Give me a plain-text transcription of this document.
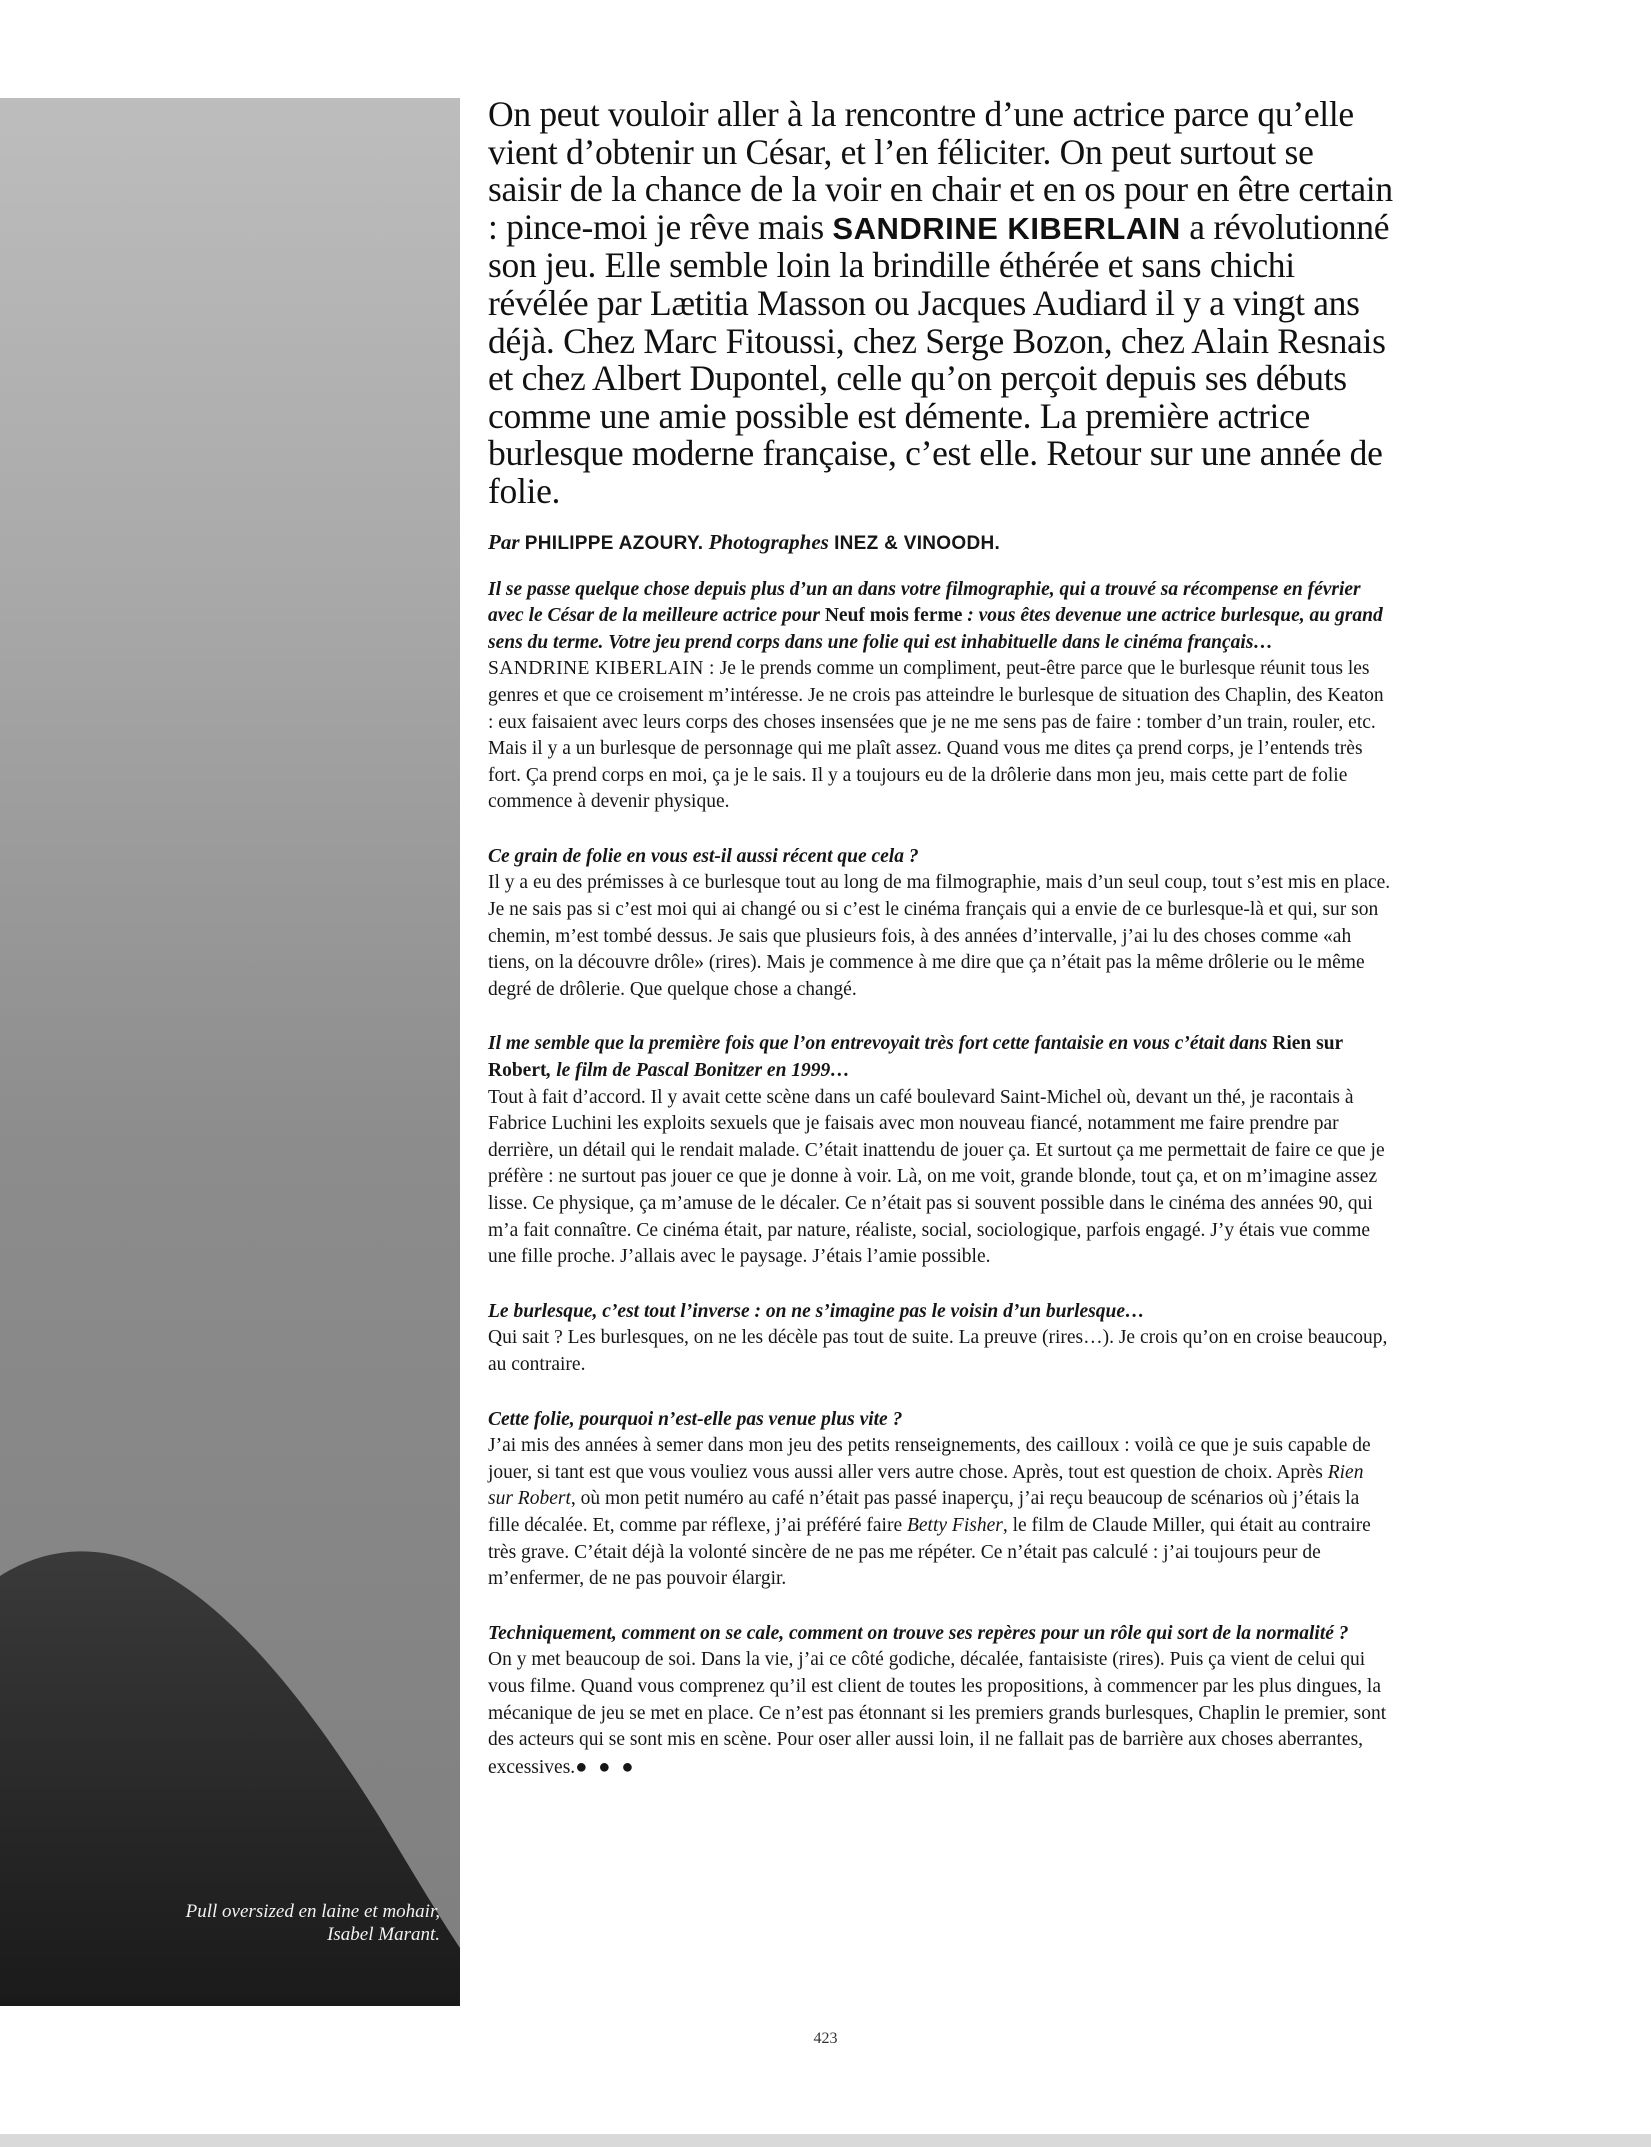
Pull oversized en laine et mohair, Isabel Marant.

On peut vouloir aller à la rencontre d’une actrice parce qu’elle vient d’obtenir un César, et l’en féliciter. On peut surtout se saisir de la chance de la voir en chair et en os pour en être certain : pince-moi je rêve mais SANDRINE KIBERLAIN a révolutionné son jeu. Elle semble loin la brindille éthérée et sans chichi révélée par Lætitia Masson ou Jacques Audiard il y a vingt ans déjà. Chez Marc Fitoussi, chez Serge Bozon, chez Alain Resnais et chez Albert Dupontel, celle qu’on perçoit depuis ses débuts comme une amie possible est démente. La première actrice burlesque moderne française, c’est elle. Retour sur une année de folie.

Par PHILIPPE AZOURY. Photographes INEZ & VINOODH.

Il se passe quelque chose depuis plus d’un an dans votre filmographie, qui a trouvé sa récompense en février avec le César de la meilleure actrice pour Neuf mois ferme : vous êtes devenue une actrice burlesque, au grand sens du terme. Votre jeu prend corps dans une folie qui est inhabituelle dans le cinéma français…
SANDRINE KIBERLAIN : Je le prends comme un compliment, peut-être parce que le burlesque réunit tous les genres et que ce croisement m’intéresse. Je ne crois pas atteindre le burlesque de situation des Chaplin, des Keaton : eux faisaient avec leurs corps des choses insensées que je ne me sens pas de faire : tomber d’un train, rouler, etc. Mais il y a un burlesque de personnage qui me plaît assez. Quand vous me dites ça prend corps, je l’entends très fort. Ça prend corps en moi, ça je le sais. Il y a toujours eu de la drôlerie dans mon jeu, mais cette part de folie commence à devenir physique.

Ce grain de folie en vous est-il aussi récent que cela ?
Il y a eu des prémisses à ce burlesque tout au long de ma filmographie, mais d’un seul coup, tout s’est mis en place. Je ne sais pas si c’est moi qui ai changé ou si c’est le cinéma français qui a envie de ce burlesque-là et qui, sur son chemin, m’est tombé dessus. Je sais que plusieurs fois, à des années d’intervalle, j’ai lu des choses comme «ah tiens, on la découvre drôle» (rires). Mais je commence à me dire que ça n’était pas la même drôlerie ou le même degré de drôlerie. Que quelque chose a changé.

Il me semble que la première fois que l’on entrevoyait très fort cette fantaisie en vous c’était dans Rien sur Robert, le film de Pascal Bonitzer en 1999…
Tout à fait d’accord. Il y avait cette scène dans un café boulevard Saint-Michel où, devant un thé, je racontais à Fabrice Luchini les exploits sexuels que je faisais avec mon nouveau fiancé, notamment me faire prendre par derrière, un détail qui le rendait malade. C’était inattendu de jouer ça. Et surtout ça me permettait de faire ce que je préfère : ne surtout pas jouer ce que je donne à voir. Là, on me voit, grande blonde, tout ça, et on m’imagine assez lisse. Ce physique, ça m’amuse de le décaler. Ce n’était pas si souvent possible dans le cinéma des années 90, qui m’a fait connaître. Ce cinéma était, par nature, réaliste, social, sociologique, parfois engagé. J’y étais vue comme une fille proche. J’allais avec le paysage. J’étais l’amie possible.

Le burlesque, c’est tout l’inverse : on ne s’imagine pas le voisin d’un burlesque…
Qui sait ? Les burlesques, on ne les décèle pas tout de suite. La preuve (rires…). Je crois qu’on en croise beaucoup, au contraire.

Cette folie, pourquoi n’est-elle pas venue plus vite ?
J’ai mis des années à semer dans mon jeu des petits renseignements, des cailloux : voilà ce que je suis capable de jouer, si tant est que vous vouliez vous aussi aller vers autre chose. Après, tout est question de choix. Après Rien sur Robert, où mon petit numéro au café n’était pas passé inaperçu, j’ai reçu beaucoup de scénarios où j’étais la fille décalée. Et, comme par réflexe, j’ai préféré faire Betty Fisher, le film de Claude Miller, qui était au contraire très grave. C’était déjà la volonté sincère de ne pas me répéter. Ce n’était pas calculé : j’ai toujours peur de m’enfermer, de ne pas pouvoir élargir.

Techniquement, comment on se cale, comment on trouve ses repères pour un rôle qui sort de la normalité ?
On y met beaucoup de soi. Dans la vie, j’ai ce côté godiche, décalée, fantaisiste (rires). Puis ça vient de celui qui vous filme. Quand vous comprenez qu’il est client de toutes les propositions, à commencer par les plus dingues, la mécanique de jeu se met en place. Ce n’est pas étonnant si les premiers grands burlesques, Chaplin le premier, sont des acteurs qui se sont mis en scène. Pour oser aller aussi loin, il ne fallait pas de barrière aux choses aberrantes, excessives.● ● ●

423
